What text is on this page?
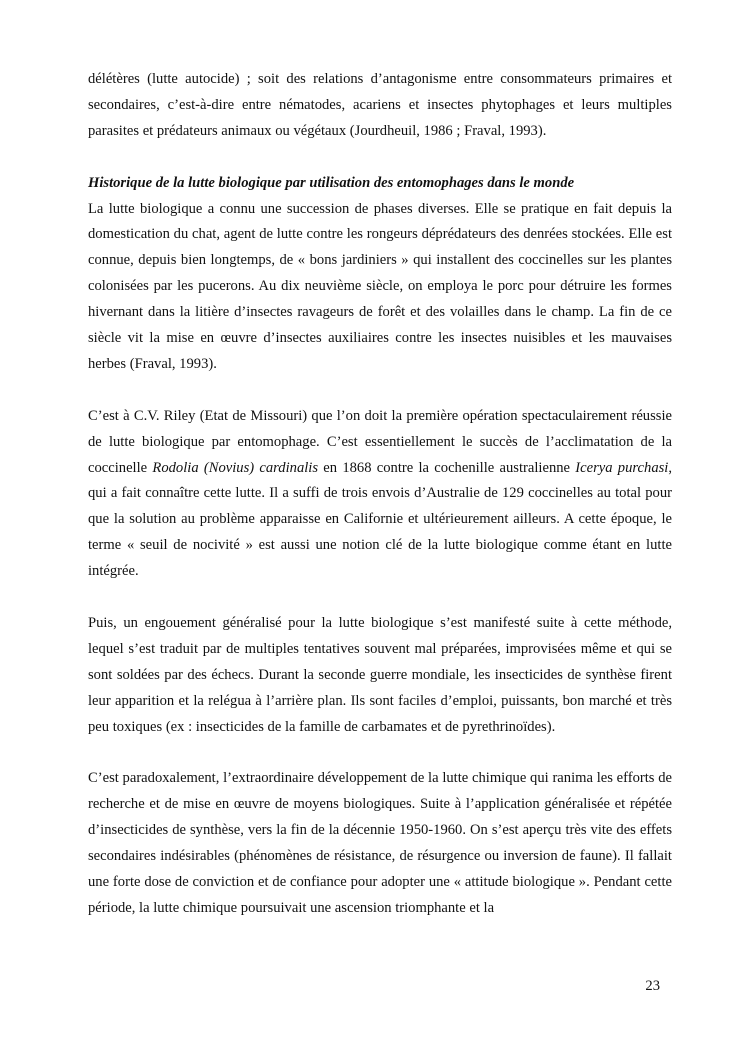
délétères (lutte autocide) ; soit des relations d’antagonisme entre consommateurs primaires et secondaires, c’est-à-dire entre nématodes, acariens et insectes phytophages et leurs multiples parasites et prédateurs animaux ou végétaux (Jourdheuil, 1986 ; Fraval, 1993).

Historique de la lutte biologique par utilisation des entomophages dans le monde

La lutte biologique a connu une succession de phases diverses. Elle se pratique en fait depuis la domestication du chat, agent de lutte contre les rongeurs déprédateurs des denrées stockées. Elle est connue, depuis bien longtemps, de « bons jardiniers » qui installent des coccinelles sur les plantes colonisées par les pucerons. Au dix neuvième siècle, on employa le porc pour détruire les formes hivernant dans la litière d’insectes ravageurs de forêt et des volailles dans le champ. La fin de ce siècle vit la mise en œuvre d’insectes auxiliaires contre les insectes nuisibles et les mauvaises herbes (Fraval, 1993).

C’est à C.V. Riley (Etat de Missouri) que l’on doit la première opération spectaculairement réussie de lutte biologique par entomophage. C’est essentiellement le succès de l’acclimatation de la coccinelle Rodolia (Novius) cardinalis en 1868 contre la cochenille australienne Icerya purchasi, qui a fait connaître cette lutte. Il a suffi de trois envois d’Australie de 129 coccinelles au total pour que la solution au problème apparaisse en Californie et ultérieurement ailleurs. A cette époque, le terme « seuil de nocivité » est aussi une notion clé de la lutte biologique comme étant en lutte intégrée.

Puis, un engouement généralisé pour la lutte biologique s’est manifesté suite à cette méthode, lequel s’est traduit par de multiples tentatives souvent mal préparées, improvisées même et qui se sont soldées par des échecs. Durant la seconde guerre mondiale, les insecticides de synthèse firent leur apparition et la relégua à l’arrière plan. Ils sont faciles d’emploi, puissants, bon marché et très peu toxiques (ex : insecticides de la famille de carbamates et de pyrethrinoïdes).

C’est paradoxalement, l’extraordinaire développement de la lutte chimique qui ranima les efforts de recherche et de mise en œuvre de moyens biologiques. Suite à l’application généralisée et répétée d’insecticides de synthèse, vers la fin de la décennie 1950-1960. On s’est aperçu très vite des effets secondaires indésirables (phénomènes de résistance, de résurgence ou inversion de faune). Il fallait une forte dose de conviction et de confiance pour adopter une « attitude biologique ». Pendant cette période, la lutte chimique poursuivait une ascension triomphante et la

23
